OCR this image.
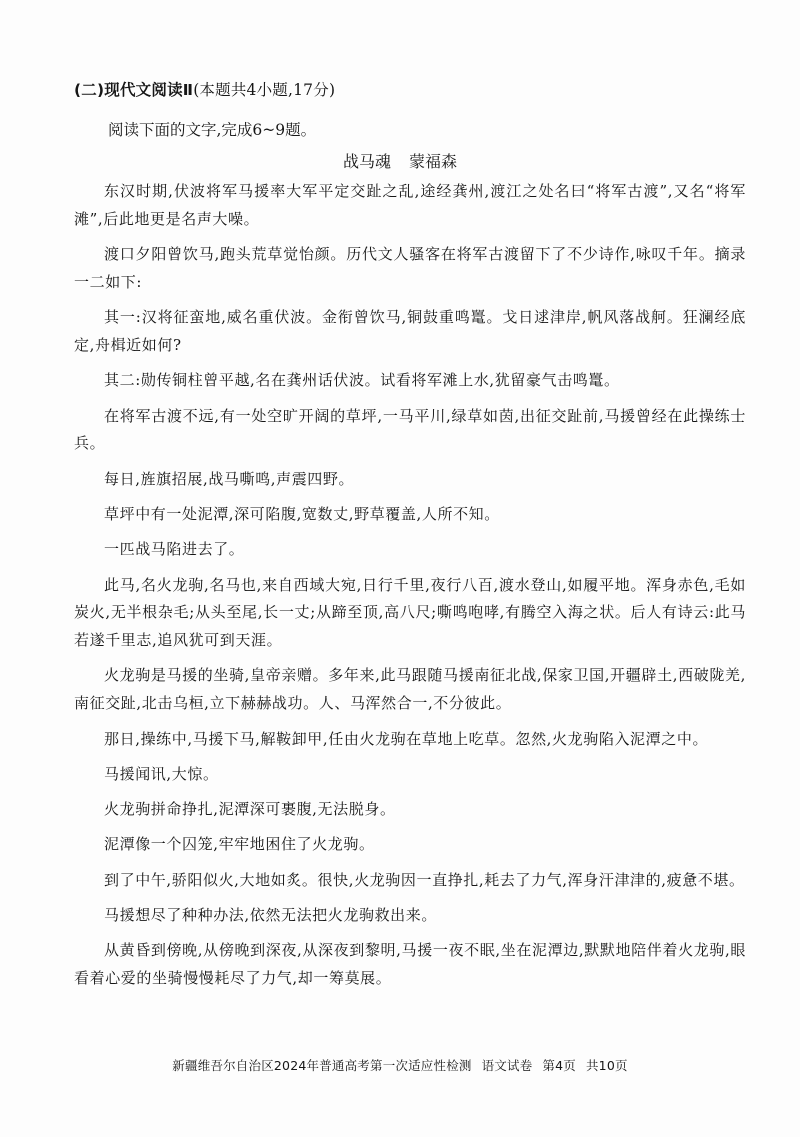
(二)现代文阅读Ⅱ(本题共4小题,17分)
阅读下面的文字,完成6~9题。
战马魂 蒙福森

东汉时期,伏波将军马援率大军平定交趾之乱,途经龚州,渡江之处名曰“将军古渡”,又名“将军滩”,后此地更是名声大噪。

渡口夕阳曾饮马,跑头荒草觉怡颜。历代文人骚客在将军古渡留下了不少诗作,咏叹千年。摘录一二如下:

其一:汉将征蛮地,威名重伏波。金衔曾饮马,铜鼓重鸣鼍。戈日逑津岸,帆风落战舸。狂澜经底定,舟楫近如何?

其二:勋传铜柱曾平越,名在龚州话伏波。试看将军滩上水,犹留豪气击鸣鼍。

在将军古渡不远,有一处空旷开阔的草坪,一马平川,绿草如茵,出征交趾前,马援曾经在此操练士兵。

每日,旌旗招展,战马嘶鸣,声震四野。

草坪中有一处泥潭,深可陷腹,宽数丈,野草覆盖,人所不知。

一匹战马陷进去了。

此马,名火龙驹,名马也,来自西域大宛,日行千里,夜行八百,渡水登山,如履平地。浑身赤色,毛如炭火,无半根杂毛;从头至尾,长一丈;从蹄至顶,高八尺;嘶鸣咆哮,有腾空入海之状。后人有诗云:此马若遂千里志,追风犹可到天涯。

火龙驹是马援的坐骑,皇帝亲赠。多年来,此马跟随马援南征北战,保家卫国,开疆辟土,西破陇羌,南征交趾,北击乌桓,立下赫赫战功。人、马浑然合一,不分彼此。

那日,操练中,马援下马,解鞍卸甲,任由火龙驹在草地上吃草。忽然,火龙驹陷入泥潭之中。

马援闻讯,大惊。

火龙驹拼命挣扎,泥潭深可裹腹,无法脱身。

泥潭像一个囚笼,牢牢地困住了火龙驹。

到了中午,骄阳似火,大地如炙。很快,火龙驹因一直挣扎,耗去了力气,浑身汗津津的,疲惫不堪。

马援想尽了种种办法,依然无法把火龙驹救出来。

从黄昏到傍晚,从傍晚到深夜,从深夜到黎明,马援一夜不眠,坐在泥潭边,默默地陪伴着火龙驹,眼看着心爱的坐骑慢慢耗尽了力气,却一筹莫展。

新疆维吾尔自治区2024年普通高考第一次适应性检测 语文试卷 第4页 共10页
